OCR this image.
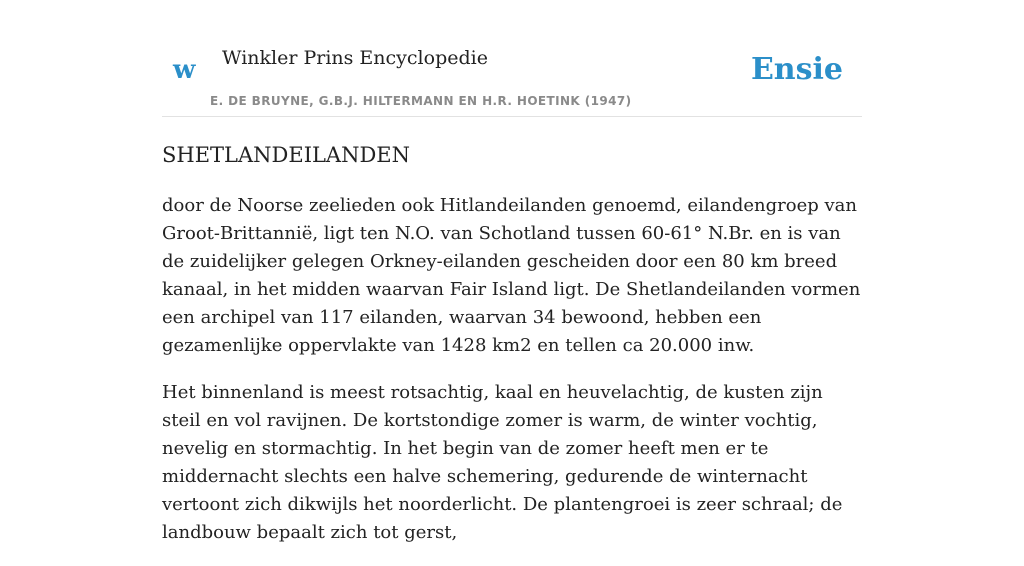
w Winkler Prins Encyclopedie
E. DE BRUYNE, G.B.J. HILTERMANN EN H.R. HOETINK (1947)
Ensie
SHETLANDEILANDEN

door de Noorse zeelieden ook Hitlandeilanden genoemd, eilandengroep van Groot-Brittannië, ligt ten N.O. van Schotland tussen 60-61° N.Br. en is van de zuidelijker gelegen Orkney-eilanden gescheiden door een 80 km breed kanaal, in het midden waarvan Fair Island ligt. De Shetlandeilanden vormen een archipel van 117 eilanden, waarvan 34 bewoond, hebben een gezamenlijke oppervlakte van 1428 km2 en tellen ca 20.000 inw.

Het binnenland is meest rotsachtig, kaal en heuvelachtig, de kusten zijn steil en vol ravijnen. De kortstondige zomer is warm, de winter vochtig, nevelig en stormachtig. In het begin van de zomer heeft men er te middernacht slechts een halve schemering, gedurende de winternacht vertoont zich dikwijls het noorderlicht. De plantengroei is zeer schraal; de landbouw bepaalt zich tot gerst,
